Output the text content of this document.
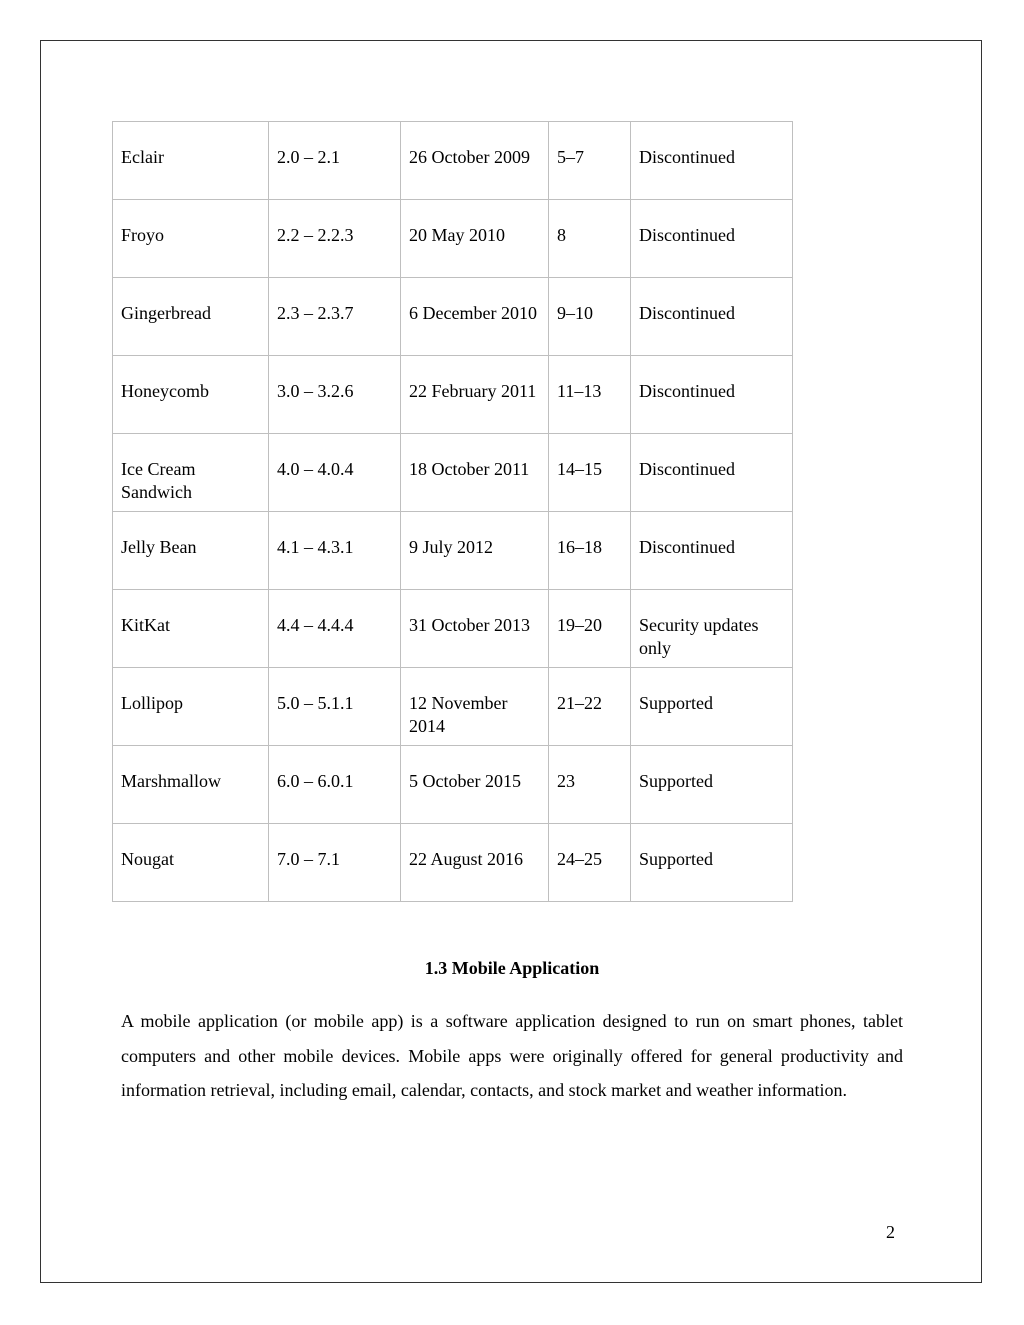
Eclair	2.0 – 2.1	26 October 2009	5–7	Discontinued
Froyo	2.2 – 2.2.3	20 May 2010	8	Discontinued
Gingerbread	2.3 – 2.3.7	6 December 2010	9–10	Discontinued
Honeycomb	3.0 – 3.2.6	22 February 2011	11–13	Discontinued
Ice Cream Sandwich	4.0 – 4.0.4	18 October 2011	14–15	Discontinued
Jelly Bean	4.1 – 4.3.1	9 July 2012	16–18	Discontinued
KitKat	4.4 – 4.4.4	31 October 2013	19–20	Security updates only
Lollipop	5.0 – 5.1.1	12 November 2014	21–22	Supported
Marshmallow	6.0 – 6.0.1	5 October 2015	23	Supported
Nougat	7.0 – 7.1	22 August 2016	24–25	Supported
1.3 Mobile Application

A mobile application (or mobile app) is a software application designed to run on smart phones, tablet computers and other mobile devices. Mobile apps were originally offered for general productivity and information retrieval, including email, calendar, contacts, and stock market and weather information.

2
